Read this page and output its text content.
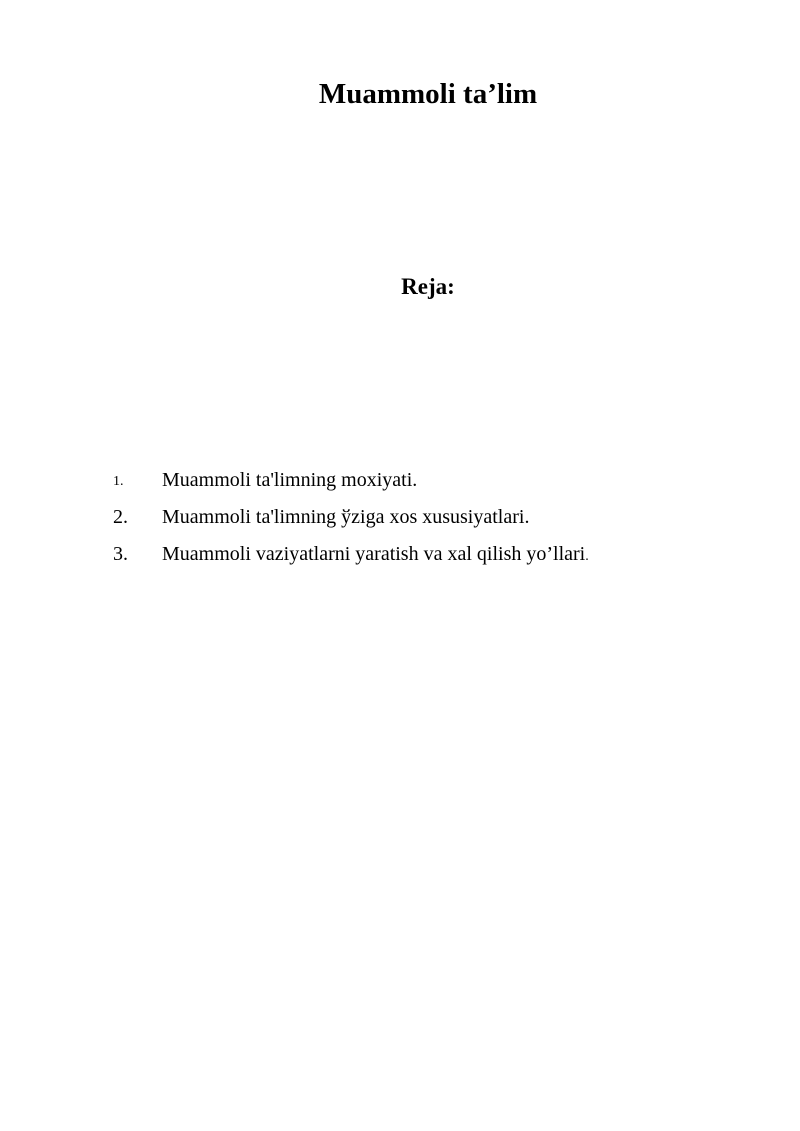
Muammoli ta’lim
Reja:
1. Muammoli ta'limning moxiyati.
2. Muammoli ta'limning ўziga xos xususiyatlari.
3. Muammoli vaziyatlarni yaratish va xal qilish yo’llari.
